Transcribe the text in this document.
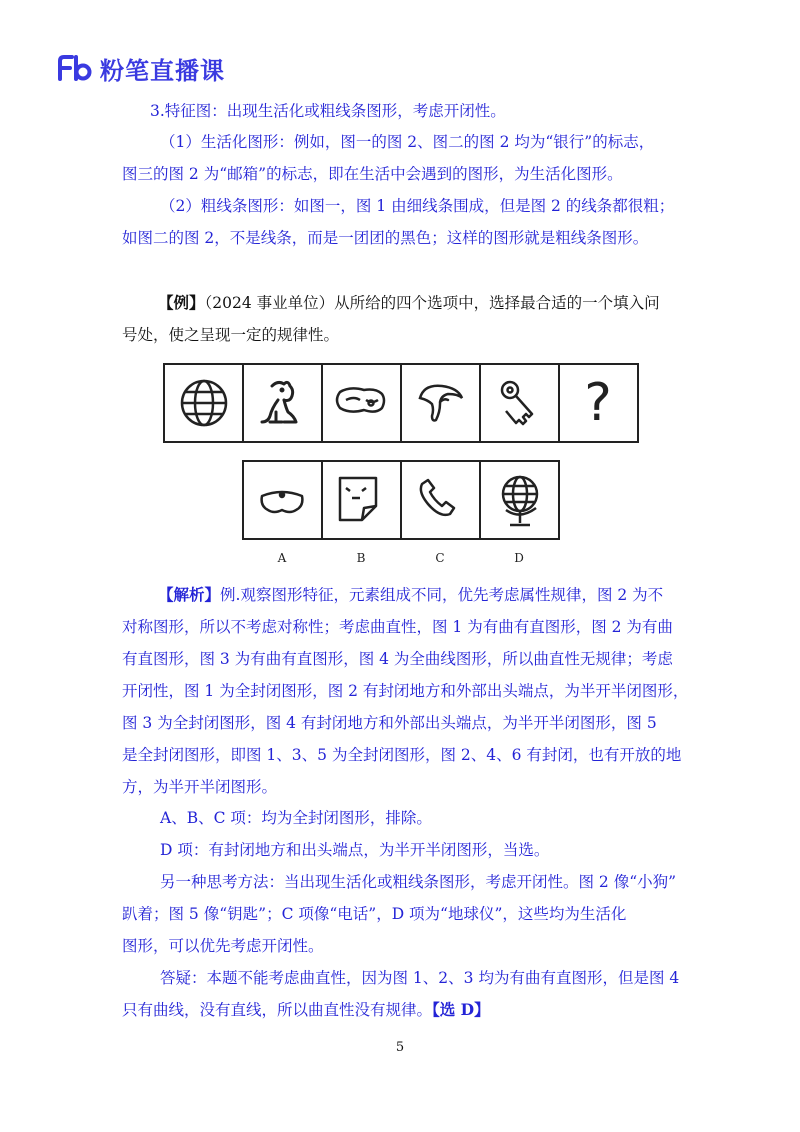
粉笔直播课
3.特征图：出现生活化或粗线条图形，考虑开闭性。
（1）生活化图形：例如，图一的图 2、图二的图 2 均为“银行”的标志，
图三的图 2 为“邮箱”的标志，即在生活中会遇到的图形，为生活化图形。
（2）粗线条图形：如图一，图 1 由细线条围成，但是图 2 的线条都很粗；
如图二的图 2，不是线条，而是一团团的黑色；这样的图形就是粗线条图形。
【例】（2024 事业单位）从所给的四个选项中，选择最合适的一个填入问
号处，使之呈现一定的规律性。
?
A	B	C	D
【解析】例.观察图形特征，元素组成不同，优先考虑属性规律，图 2 为不
对称图形，所以不考虑对称性；考虑曲直性，图 1 为有曲有直图形，图 2 为有曲
有直图形，图 3 为有曲有直图形，图 4 为全曲线图形，所以曲直性无规律；考虑
开闭性，图 1 为全封闭图形，图 2 有封闭地方和外部出头端点，为半开半闭图形，
图 3 为全封闭图形，图 4 有封闭地方和外部出头端点，为半开半闭图形，图 5
是全封闭图形，即图 1、3、5 为全封闭图形，图 2、4、6 有封闭，也有开放的地
方，为半开半闭图形。
A、B、C 项：均为全封闭图形，排除。
D 项：有封闭地方和出头端点，为半开半闭图形，当选。
另一种思考方法：当出现生活化或粗线条图形，考虑开闭性。图 2 像“小狗”
趴着；图 5 像“钥匙”；C 项像“电话”，D 项为“地球仪”，这些均为生活化
图形，可以优先考虑开闭性。
答疑：本题不能考虑曲直性，因为图 1、2、3 均为有曲有直图形，但是图 4
只有曲线，没有直线，所以曲直性没有规律。【选 D】
5
